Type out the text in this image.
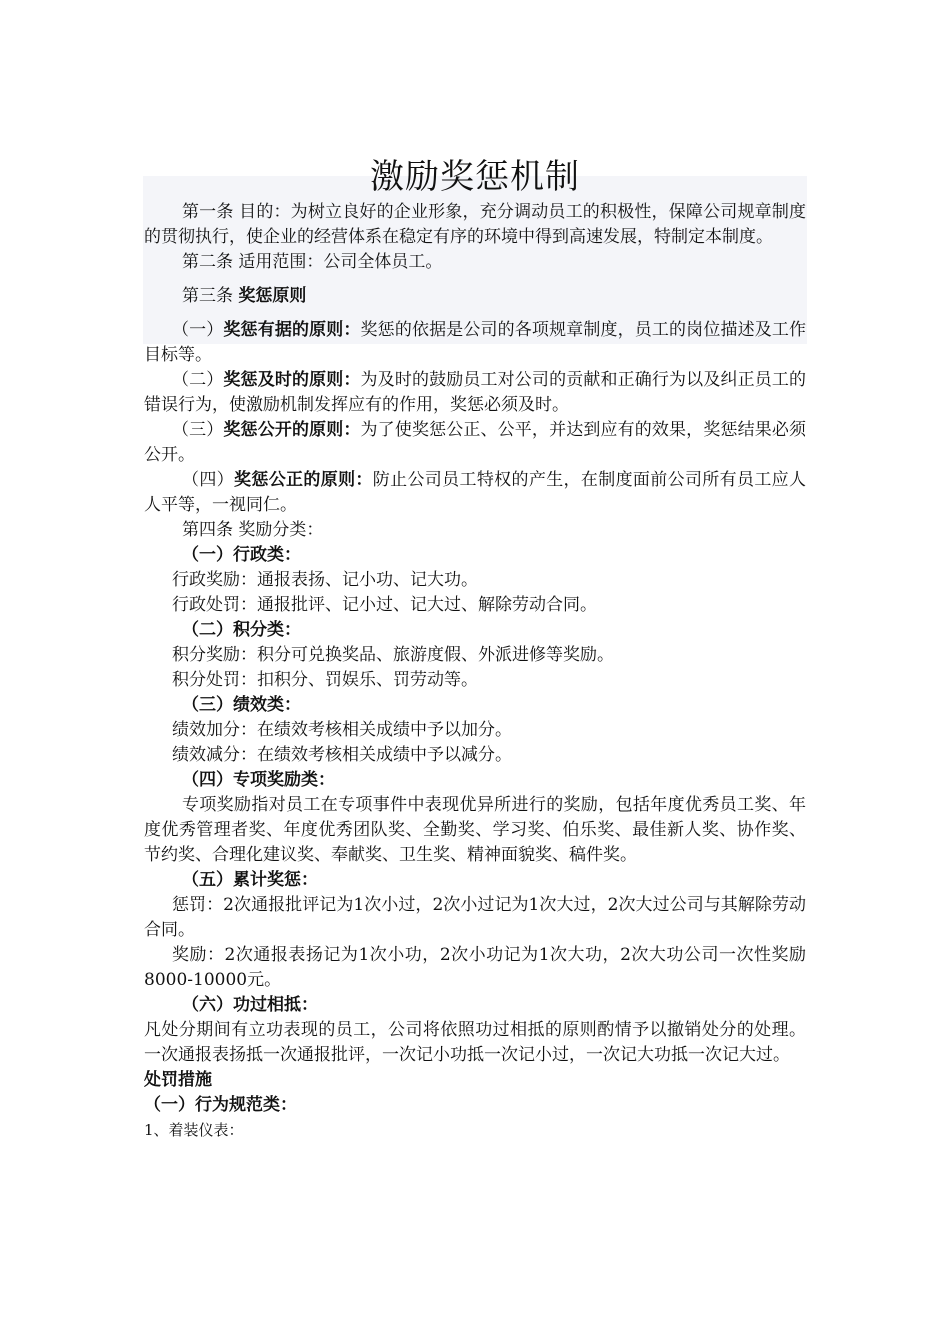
激励奖惩机制

第一条 目的：为树立良好的企业形象，充分调动员工的积极性，保障公司规章制度的贯彻执行，使企业的经营体系在稳定有序的环境中得到高速发展，特制定本制度。

第二条 适用范围：公司全体员工。

第三条 奖惩原则

（一）奖惩有据的原则：奖惩的依据是公司的各项规章制度，员工的岗位描述及工作目标等。

（二）奖惩及时的原则：为及时的鼓励员工对公司的贡献和正确行为以及纠正员工的错误行为，使激励机制发挥应有的作用，奖惩必须及时。

（三）奖惩公开的原则：为了使奖惩公正、公平，并达到应有的效果，奖惩结果必须公开。

（四）奖惩公正的原则：防止公司员工特权的产生，在制度面前公司所有员工应人人平等，一视同仁。

第四条 奖励分类：

（一）行政类：

行政奖励：通报表扬、记小功、记大功。

行政处罚：通报批评、记小过、记大过、解除劳动合同。

（二）积分类：

积分奖励：积分可兑换奖品、旅游度假、外派进修等奖励。

积分处罚：扣积分、罚娱乐、罚劳动等。

（三）绩效类：

绩效加分：在绩效考核相关成绩中予以加分。

绩效减分：在绩效考核相关成绩中予以减分。

（四）专项奖励类：

专项奖励指对员工在专项事件中表现优异所进行的奖励，包括年度优秀员工奖、年度优秀管理者奖、年度优秀团队奖、全勤奖、学习奖、伯乐奖、最佳新人奖、协作奖、节约奖、合理化建议奖、奉献奖、卫生奖、精神面貌奖、稿件奖。

（五）累计奖惩：

惩罚：2次通报批评记为1次小过，2次小过记为1次大过，2次大过公司与其解除劳动合同。

奖励：2次通报表扬记为1次小功，2次小功记为1次大功，2次大功公司一次性奖励8000-10000元。

（六）功过相抵：

凡处分期间有立功表现的员工，公司将依照功过相抵的原则酌情予以撤销处分的处理。一次通报表扬抵一次通报批评，一次记小功抵一次记小过，一次记大功抵一次记大过。

处罚措施

（一）行为规范类：

1、着装仪表：
